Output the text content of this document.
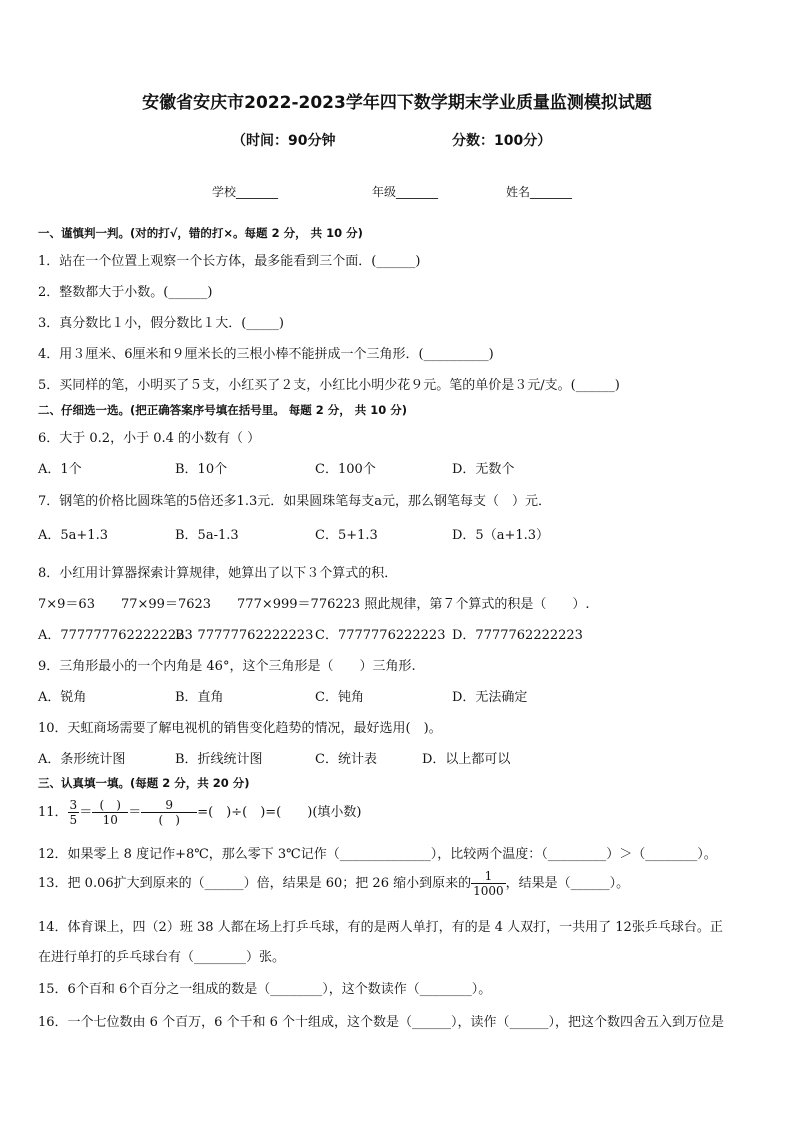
安徽省安庆市2022-2023学年四下数学期末学业质量监测模拟试题
（时间：90分钟	分数：100分）
学校_______	年级_______	姓名_______
一、谨慎判一判。(对的打√，错的打×。每题 2 分， 共 10 分)
1．站在一个位置上观察一个长方体，最多能看到三个面．(______)
2．整数都大于小数。(______)
3．真分数比１小，假分数比１大．(_____)
4．用３厘米、6厘米和９厘米长的三根小棒不能拼成一个三角形．(__________)
5．买同样的笔，小明买了５支，小红买了２支，小红比小明少花９元。笔的单价是３元/支。(______)
二、仔细选一选。(把正确答案序号填在括号里。 每题 2 分， 共 10 分)
6．大于 0.2，小于 0.4 的小数有（ ）
A．1个	B．10个	C．100个	D．无数个
7．钢笔的价格比圆珠笔的5倍还多1.3元．如果圆珠笔每支a元，那么钢笔每支（　）元．
A．5a+1.3	B．5a-1.3	C．5+1.3	D．5（a+1.3）
8．小红用计算器探索计算规律，她算出了以下３个算式的积．
7×9＝63　　77×99＝7623　　777×999＝776223 照此规律，第７个算式的积是（　　）.
A．7777777622222223
B．77777762222223 C．7777776222223 D．7777762222223
9．三角形最小的一个内角是 46°，这个三角形是（　　）三角形.
A．锐角	B．直角	C．钝角	D．无法确定
10．天虹商场需要了解电视机的销售变化趋势的情况，最好选用(　)。
A．条形统计图	B．折线统计图	C．统计表	D．以上都可以
三、认真填一填。(每题 2 分，共 20 分)
11． $\frac{3}{5} = \frac{( )}{10} = \frac{9}{( )}$ =(　)÷(　)=(　　)(填小数)
12．如果零上 8 度记作+8℃，那么零下 3℃记作（______________），比较两个温度：（_________）＞（________）。
13．把 0.06扩大到原来的（______）倍，结果是 60；把 26 缩小到原来的 $\frac{1}{1000}$ ，结果是（______）。
14．体育课上，四（2）班 38 人都在场上打乒乓球，有的是两人单打，有的是 4 人双打，一共用了 12张乒乓球台。正
在进行单打的乒乓球台有（________）张。
15．6个百和 6个百分之一组成的数是（________），这个数读作（________）。
16．一个七位数由 6 个百万，6 个千和 6 个十组成，这个数是（______），读作（______），把这个数四舍五入到万位是
